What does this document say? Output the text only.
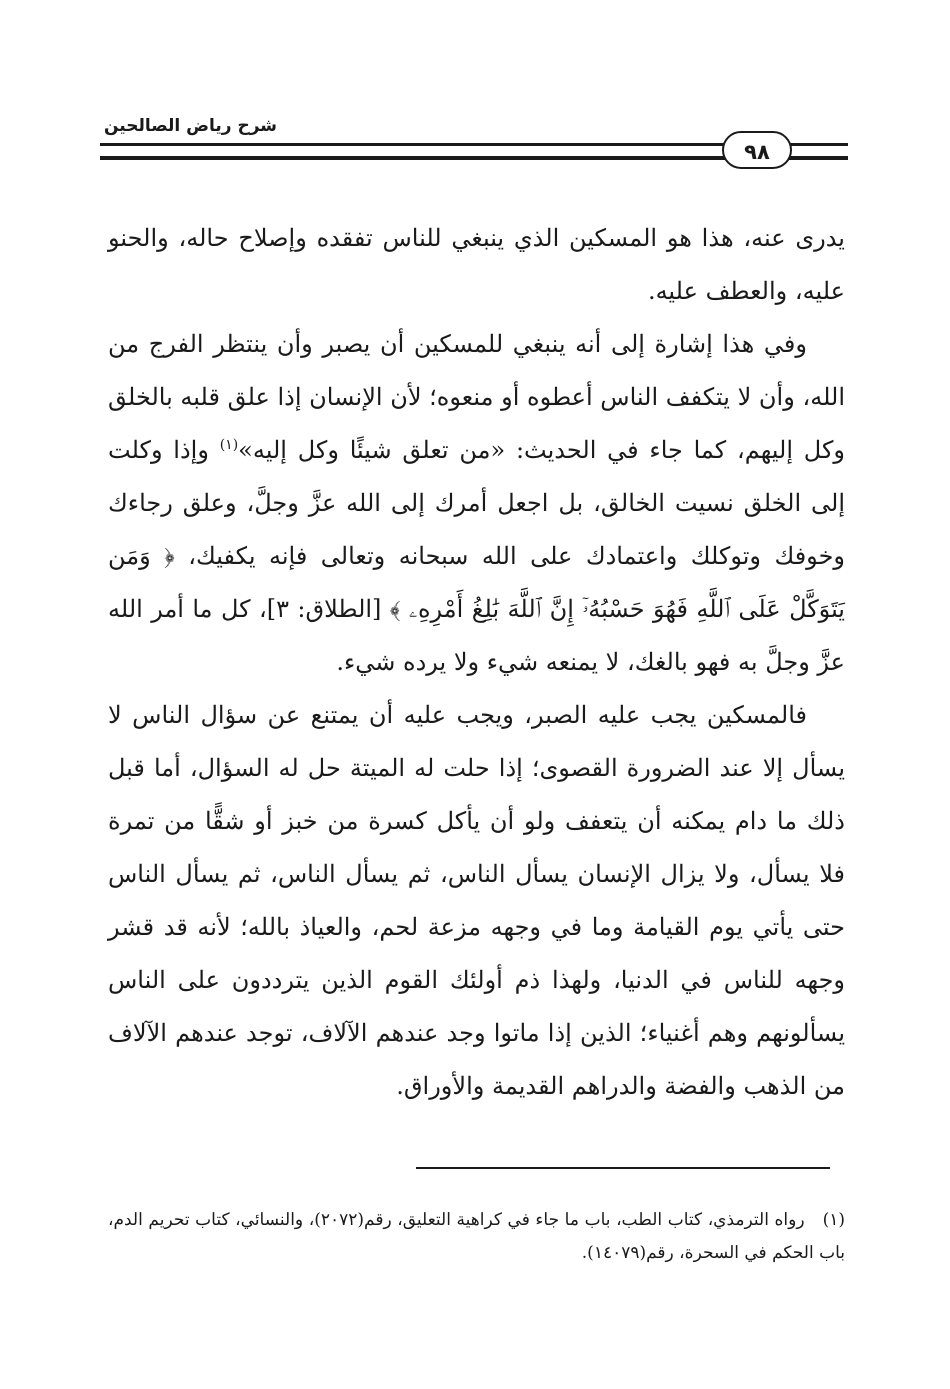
شرح رياض الصالحين
٩٨

يدرى عنه، هذا هو المسكين الذي ينبغي للناس تفقده وإصلاح حاله، والحنو عليه، والعطف عليه.

وفي هذا إشارة إلى أنه ينبغي للمسكين أن يصبر وأن ينتظر الفرج من الله، وأن لا يتكفف الناس أعطوه أو منعوه؛ لأن الإنسان إذا علق قلبه بالخلق وكل إليهم، كما جاء في الحديث: «من تعلق شيئًا وكل إليه»$^{(١)}$ وإذا وكلت إلى الخلق نسيت الخالق، بل اجعل أمرك إلى الله عزَّ وجلَّ، وعلق رجاءك وخوفك وتوكلك واعتمادك على الله سبحانه وتعالى فإنه يكفيك، ﴿ وَمَن يَتَوَكَّلْ عَلَى ٱللَّهِ فَهُوَ حَسْبُهُۥٓ إِنَّ ٱللَّهَ بَٰلِغُ أَمْرِهِۦ ﴾ [الطلاق: ٣]، كل ما أمر الله عزَّ وجلَّ به فهو بالغك، لا يمنعه شيء ولا يرده شيء.

فالمسكين يجب عليه الصبر، ويجب عليه أن يمتنع عن سؤال الناس لا يسأل إلا عند الضرورة القصوى؛ إذا حلت له الميتة حل له السؤال، أما قبل ذلك ما دام يمكنه أن يتعفف ولو أن يأكل كسرة من خبز أو شقًّا من تمرة فلا يسأل، ولا يزال الإنسان يسأل الناس، ثم يسأل الناس، ثم يسأل الناس حتى يأتي يوم القيامة وما في وجهه مزعة لحم، والعياذ بالله؛ لأنه قد قشر وجهه للناس في الدنيا، ولهذا ذم أولئك القوم الذين يترددون على الناس يسألونهم وهم أغنياء؛ الذين إذا ماتوا وجد عندهم الآلاف، توجد عندهم الآلاف من الذهب والفضة والدراهم القديمة والأوراق.

(١)رواه الترمذي، كتاب الطب، باب ما جاء في كراهية التعليق، رقم(٢٠٧٢)، والنسائي، كتاب تحريم الدم، باب الحكم في السحرة، رقم(١٤٠٧٩).
